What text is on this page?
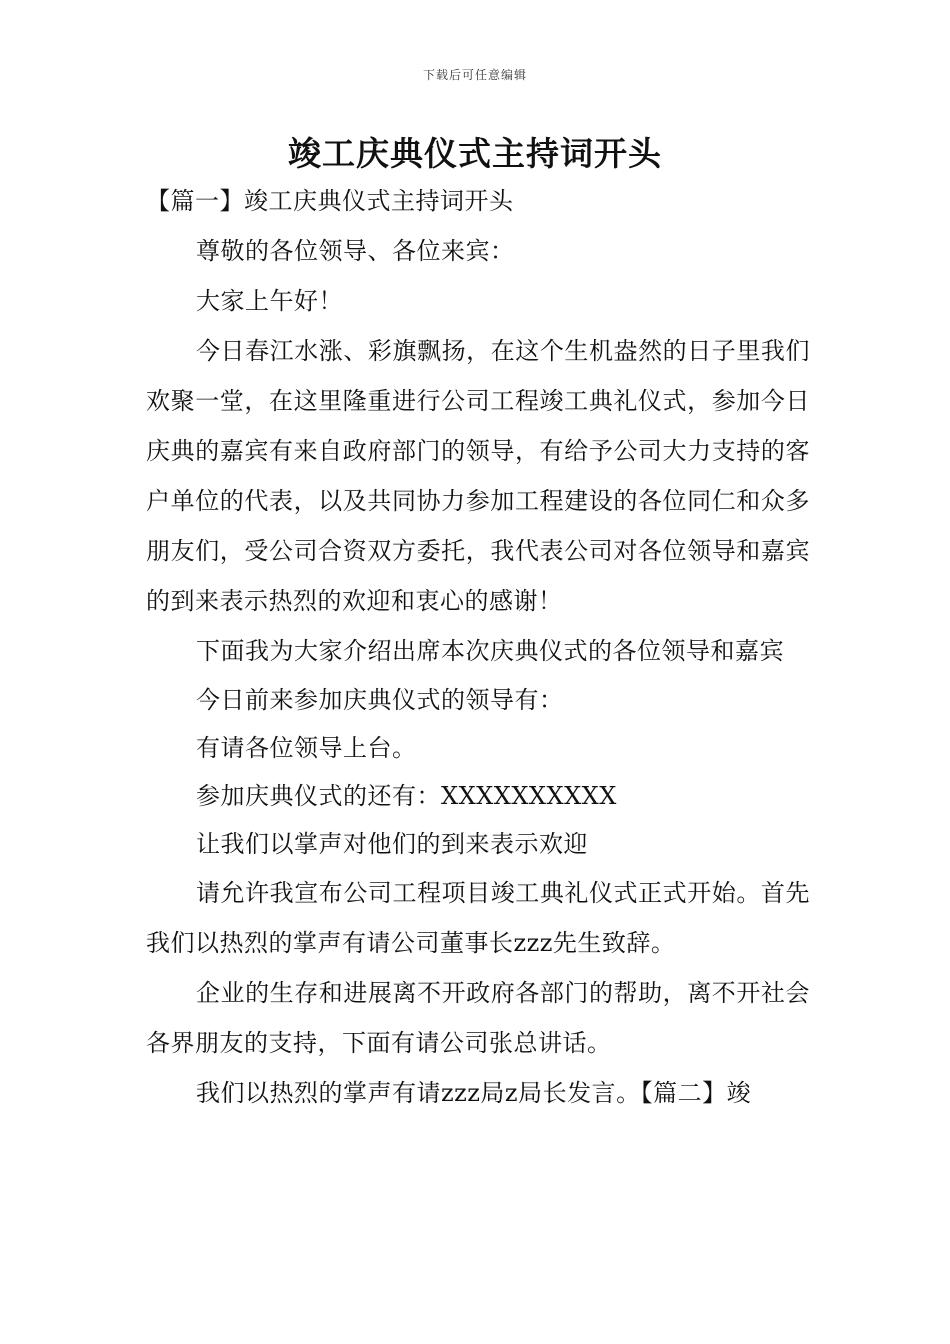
下载后可任意编辑
竣工庆典仪式主持词开头

【篇一】竣工庆典仪式主持词开头

尊敬的各位领导、各位来宾：

大家上午好！

今日春江水涨、彩旗飘扬，在这个生机盎然的日子里我们欢聚一堂，在这里隆重进行公司工程竣工典礼仪式，参加今日庆典的嘉宾有来自政府部门的领导，有给予公司大力支持的客户单位的代表，以及共同协力参加工程建设的各位同仁和众多朋友们，受公司合资双方委托，我代表公司对各位领导和嘉宾的到来表示热烈的欢迎和衷心的感谢！

下面我为大家介绍出席本次庆典仪式的各位领导和嘉宾

今日前来参加庆典仪式的领导有：

有请各位领导上台。

参加庆典仪式的还有：XXXXXXXXXX

让我们以掌声对他们的到来表示欢迎

请允许我宣布公司工程项目竣工典礼仪式正式开始。首先我们以热烈的掌声有请公司董事长zzz先生致辞。

企业的生存和进展离不开政府各部门的帮助，离不开社会各界朋友的支持，下面有请公司张总讲话。

我们以热烈的掌声有请zzz局z局长发言。【篇二】竣
